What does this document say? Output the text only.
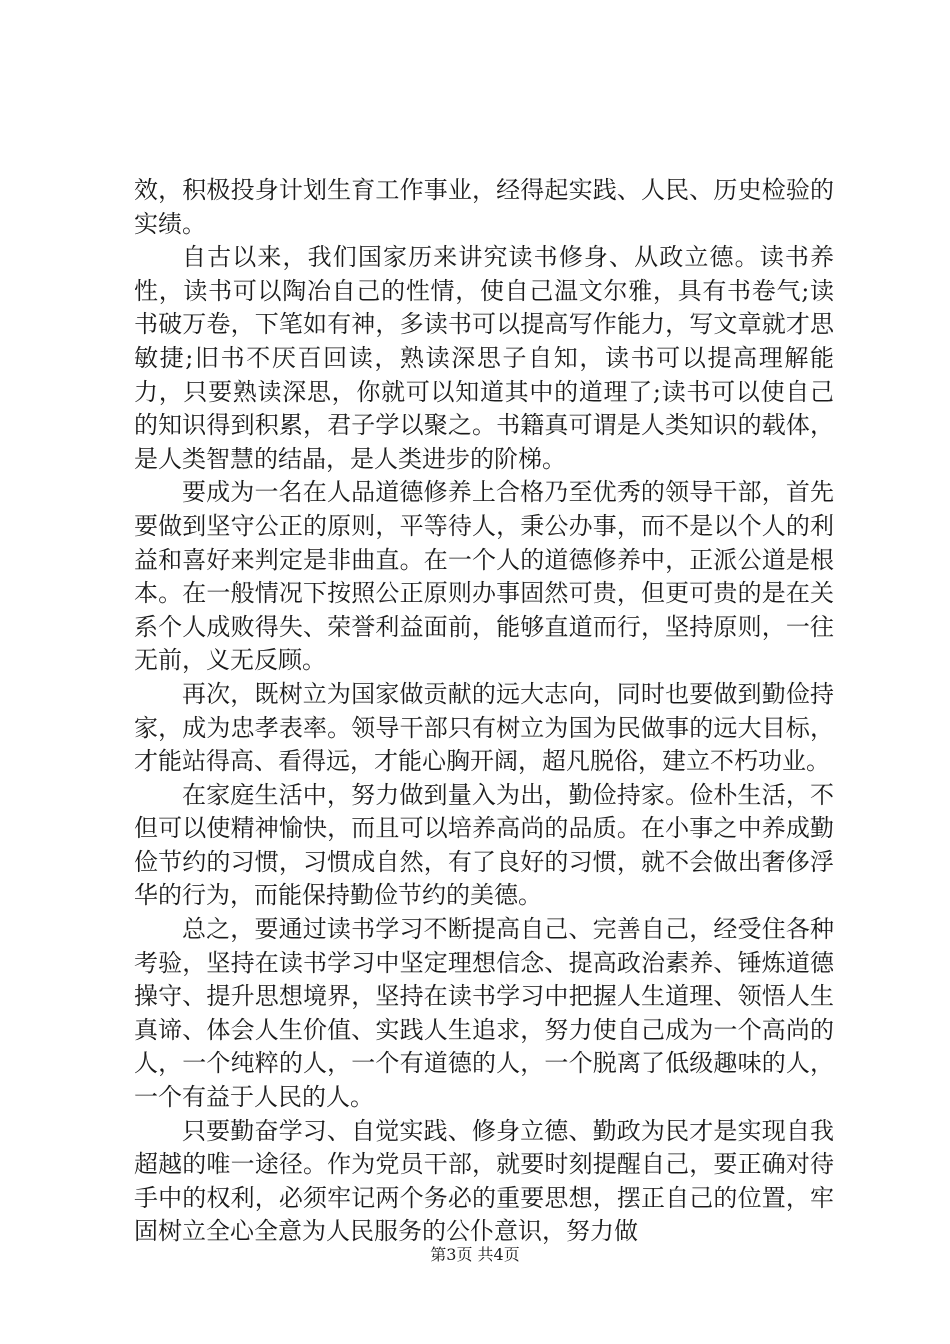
效，积极投身计划生育工作事业，经得起实践、人民、历史检验的实绩。

自古以来，我们国家历来讲究读书修身、从政立德。读书养性，读书可以陶冶自己的性情，使自己温文尔雅，具有书卷气;读书破万卷，下笔如有神，多读书可以提高写作能力，写文章就才思敏捷;旧书不厌百回读，熟读深思子自知，读书可以提高理解能力，只要熟读深思，你就可以知道其中的道理了;读书可以使自己的知识得到积累，君子学以聚之。书籍真可谓是人类知识的载体，是人类智慧的结晶，是人类进步的阶梯。

要成为一名在人品道德修养上合格乃至优秀的领导干部，首先要做到坚守公正的原则，平等待人，秉公办事，而不是以个人的利益和喜好来判定是非曲直。在一个人的道德修养中，正派公道是根本。在一般情况下按照公正原则办事固然可贵，但更可贵的是在关系个人成败得失、荣誉利益面前，能够直道而行，坚持原则，一往无前，义无反顾。

再次，既树立为国家做贡献的远大志向，同时也要做到勤俭持家，成为忠孝表率。领导干部只有树立为国为民做事的远大目标，才能站得高、看得远，才能心胸开阔，超凡脱俗，建立不朽功业。

在家庭生活中，努力做到量入为出，勤俭持家。俭朴生活，不但可以使精神愉快，而且可以培养高尚的品质。在小事之中养成勤俭节约的习惯，习惯成自然，有了良好的习惯，就不会做出奢侈浮华的行为，而能保持勤俭节约的美德。

总之，要通过读书学习不断提高自己、完善自己，经受住各种考验，坚持在读书学习中坚定理想信念、提高政治素养、锤炼道德操守、提升思想境界，坚持在读书学习中把握人生道理、领悟人生真谛、体会人生价值、实践人生追求，努力使自己成为一个高尚的人，一个纯粹的人，一个有道德的人，一个脱离了低级趣味的人，一个有益于人民的人。

只要勤奋学习、自觉实践、修身立德、勤政为民才是实现自我超越的唯一途径。作为党员干部，就要时刻提醒自己，要正确对待手中的权利，必须牢记两个务必的重要思想，摆正自己的位置，牢固树立全心全意为人民服务的公仆意识，努力做

第3页 共4页
